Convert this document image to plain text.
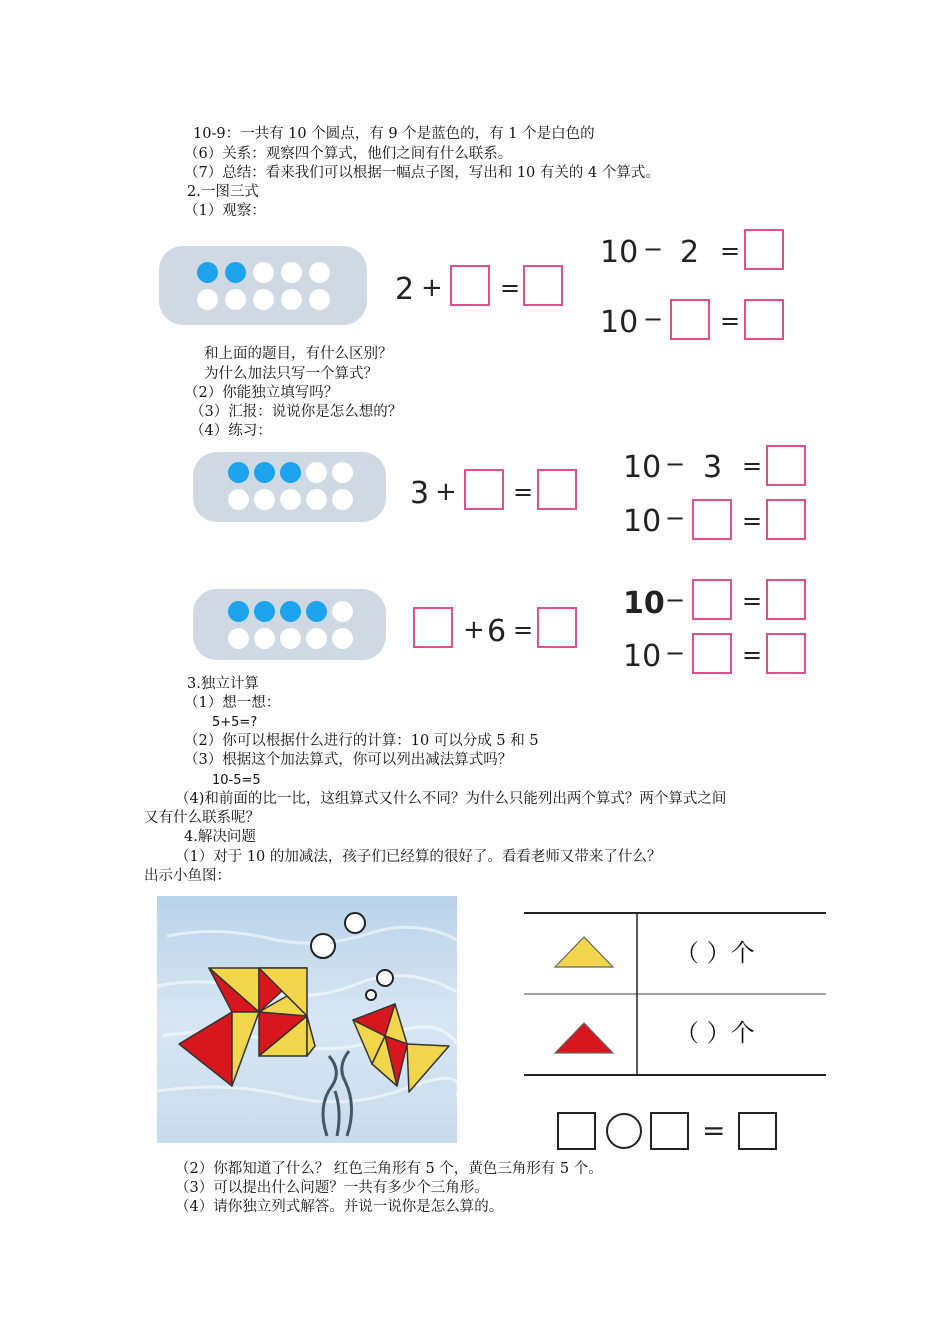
10-9：一共有 10 个圆点，有 9 个是蓝色的，有 1 个是白色的
（6）关系：观察四个算式，他们之间有什么联系。
（7）总结：看来我们可以根据一幅点子图，写出和 10 有关的 4 个算式。
2.一图三式
（1）观察：
2 + =
10 − 2 =
10 − =
和上面的题目，有什么区别？
为什么加法只写一个算式？
（2）你能独立填写吗？
（3）汇报：说说你是怎么想的？
（4）练习：
3 + =
10 − 3 =
10 − =
+ 6 =
10 − =
10 − =
3.独立计算
（1）想一想：
5+5=?
（2）你可以根据什么进行的计算：10 可以分成 5 和 5
（3）根据这个加法算式，你可以列出减法算式吗？
10-5=5
（4)和前面的比一比，这组算式又什么不同？为什么只能列出两个算式？两个算式之间
又有什么联系呢？
4.解决问题
（1）对于 10 的加减法，孩子们已经算的很好了。看看老师又带来了什么？
出示小鱼图：
（ ）个
（ ）个
=
（2）你都知道了什么？ 红色三角形有 5 个，黄色三角形有 5 个。
（3）可以提出什么问题？一共有多少个三角形。
（4）请你独立列式解答。并说一说你是怎么算的。
